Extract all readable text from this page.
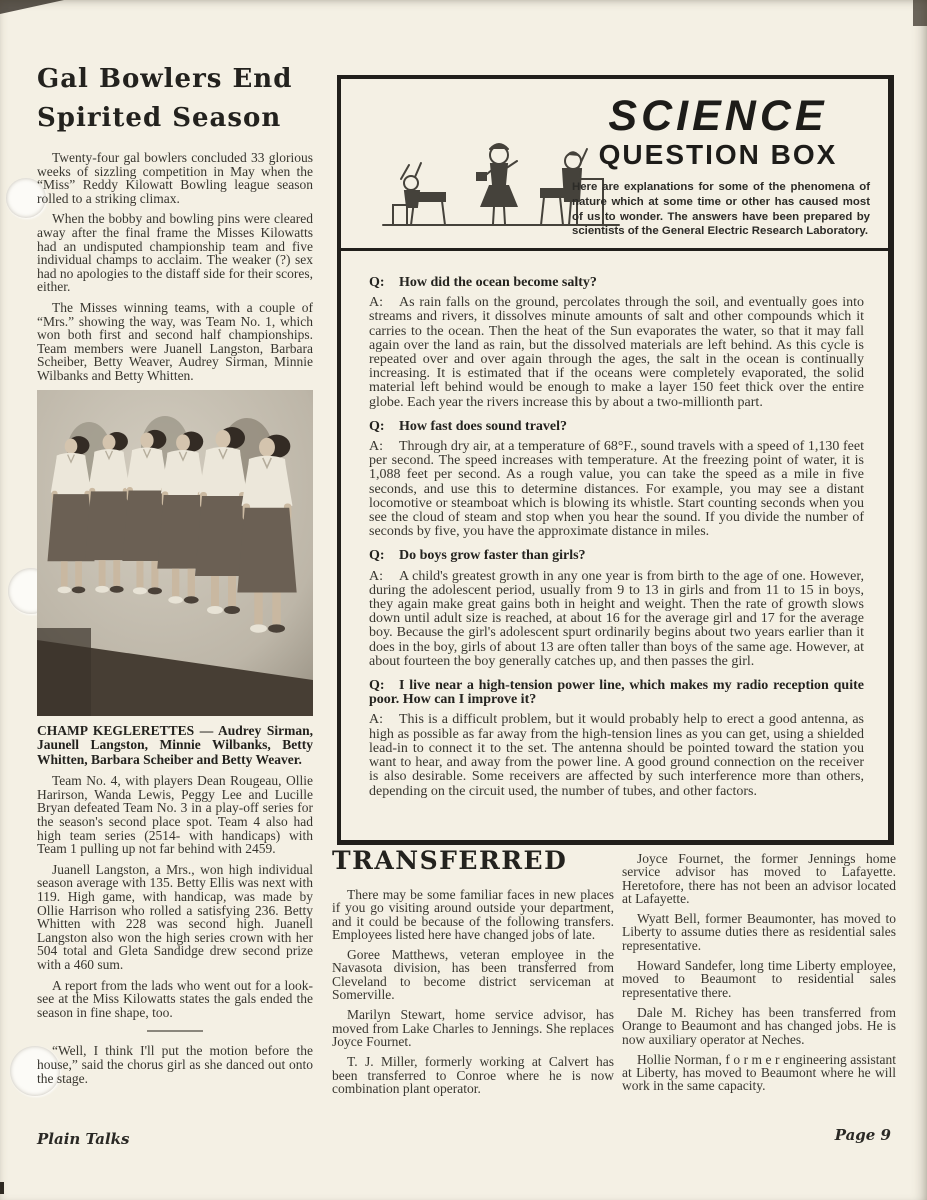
Gal Bowlers End
Spirited Season

Twenty-four gal bowlers concluded 33 glorious weeks of sizzling competition in May when the “Miss” Reddy Kilowatt Bowling league season rolled to a striking climax.

When the bobby and bowling pins were cleared away after the final frame the Misses Kilowatts had an undisputed championship team and five individual champs to acclaim. The weaker (?) sex had no apologies to the distaff side for their scores, either.

The Misses winning teams, with a couple of “Mrs.” showing the way, was Team No. 1, which won both first and second half championships. Team members were Juanell Langston, Barbara Scheiber, Betty Weaver, Audrey Sirman, Minnie Wilbanks and Betty Whitten.

CHAMP KEGLERETTES — Audrey Sirman, Jaunell Langston, Minnie Wilbanks, Betty Whitten, Barbara Scheiber and Betty Weaver.

Team No. 4, with players Dean Rougeau, Ollie Harirson, Wanda Lewis, Peggy Lee and Lucille Bryan defeated Team No. 3 in a play-off series for the season's second place spot. Team 4 also had high team series (2514- with handicaps) with Team 1 pulling up not far behind with 2459.

Juanell Langston, a Mrs., won high individual season average with 135. Betty Ellis was next with 119. High game, with handicap, was made by Ollie Harrison who rolled a satisfying 236. Betty Whitten with 228 was second high. Juanell Langston also won the high series crown with her 504 total and Gleta Sandidge drew second prize with a 460 sum.

A report from the lads who went out for a look-see at the Miss Kilowatts states the gals ended the season in fine shape, too.

“Well, I think I'll put the motion before the house,” said the chorus girl as she danced out onto the stage.

SCIENCE
QUESTION BOX

Here are explanations for some of the phenomena of nature which at some time or other has caused most of us to wonder. The answers have been prepared by scientists of the General Electric Research Laboratory.

Q: How did the ocean become salty?

A: As rain falls on the ground, percolates through the soil, and eventually goes into streams and rivers, it dissolves minute amounts of salt and other compounds which it carries to the ocean. Then the heat of the Sun evaporates the water, so that it may fall again over the land as rain, but the dissolved materials are left behind. As this cycle is repeated over and over again through the ages, the salt in the ocean is continually increasing. It is estimated that if the oceans were completely evaporated, the solid material left behind would be enough to make a layer 150 feet thick over the entire globe. Each year the rivers increase this by about a two-millionth part.

Q: How fast does sound travel?

A: Through dry air, at a temperature of 68°F., sound travels with a speed of 1,130 feet per second. The speed increases with temperature. At the freezing point of water, it is 1,088 feet per second. As a rough value, you can take the speed as a mile in five seconds, and use this to determine distances. For example, you may see a distant locomotive or steamboat which is blowing its whistle. Start counting seconds when you see the cloud of steam and stop when you hear the sound. If you divide the number of seconds by five, you have the approximate distance in miles.

Q: Do boys grow faster than girls?

A: A child's greatest growth in any one year is from birth to the age of one. However, during the adolescent period, usually from 9 to 13 in girls and from 11 to 15 in boys, they again make great gains both in height and weight. Then the rate of growth slows down until adult size is reached, at about 16 for the average girl and 17 for the average boy. Because the girl's adolescent spurt ordinarily begins about two years earlier than it does in the boy, girls of about 13 are often taller than boys of the same age. However, at about fourteen the boy generally catches up, and then passes the girl.

Q: I live near a high-tension power line, which makes my radio reception quite poor. How can I improve it?

A: This is a difficult problem, but it would probably help to erect a good antenna, as high as possible as far away from the high-tension lines as you can get, using a shielded lead-in to connect it to the set. The antenna should be pointed toward the station you want to hear, and away from the power line. A good ground connection on the receiver is also desirable. Some receivers are affected by such interference more than others, depending on the circuit used, the number of tubes, and other factors.

TRANSFERRED

There may be some familiar faces in new places if you go visiting around outside your department, and it could be because of the following transfers. Employees listed here have changed jobs of late.

Goree Matthews, veteran employee in the Navasota division, has been transferred from Cleveland to become district serviceman at Somerville.

Marilyn Stewart, home service advisor, has moved from Lake Charles to Jennings. She replaces Joyce Fournet.

T. J. Miller, formerly working at Calvert has been transferred to Conroe where he is now combination plant operator.

Joyce Fournet, the former Jennings home service advisor has moved to Lafayette. Heretofore, there has not been an advisor located at Lafayette.

Wyatt Bell, former Beaumonter, has moved to Liberty to assume duties there as residential sales representative.

Howard Sandefer, long time Liberty employee, moved to Beaumont to residential sales representative there.

Dale M. Richey has been transferred from Orange to Beaumont and has changed jobs. He is now auxiliary operator at Neches.

Hollie Norman, f o r m e r engineering assistant at Liberty, has moved to Beaumont where he will work in the same capacity.

Plain Talks	Page 9
